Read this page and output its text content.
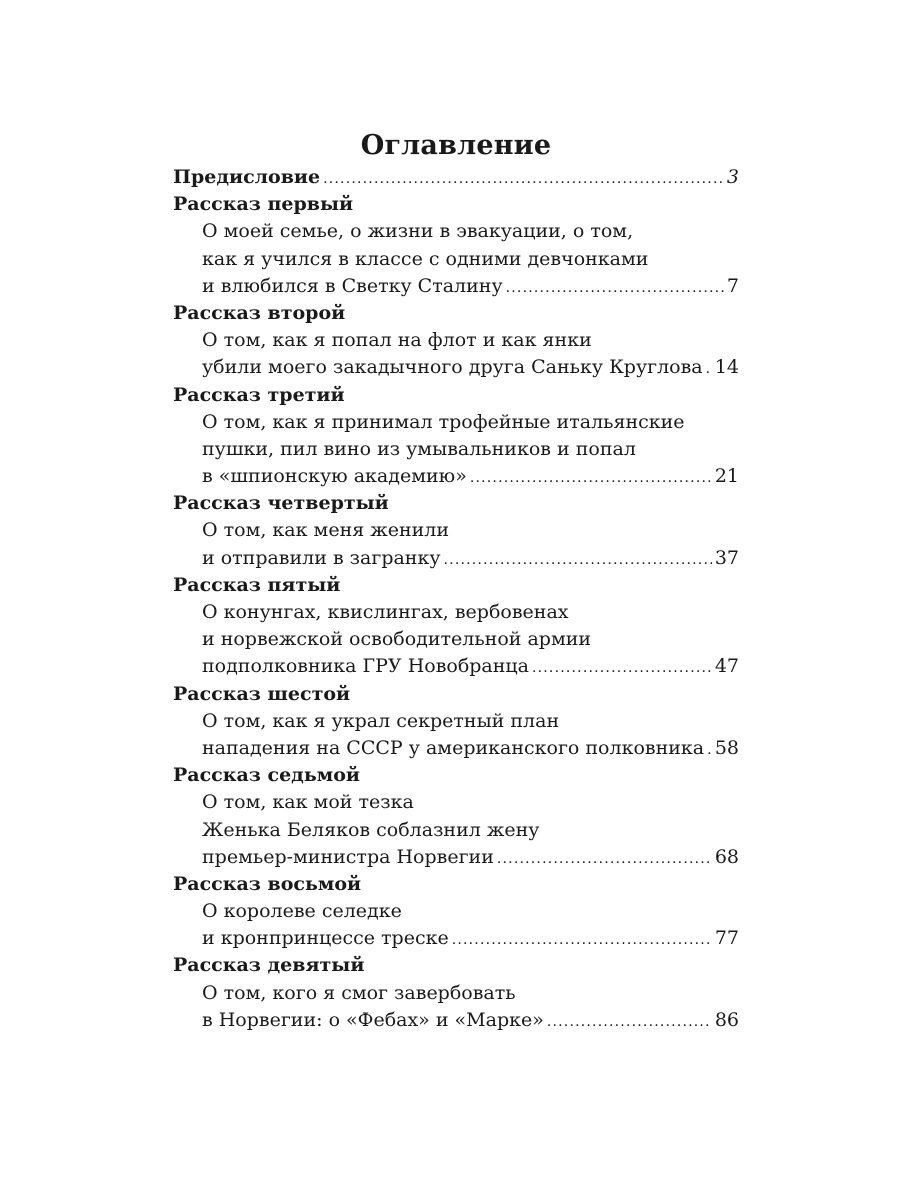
Оглавление
Предисловие .....	3
Рассказ первый
О моей семье, о жизни в эвакуации, о том,
как я учился в классе с одними девчонками
и влюбился в Светку Сталину .....	7
Рассказ второй
О том, как я попал на флот и как янки
убили моего закадычного друга Саньку Круглова ..... 14
Рассказ третий
О том, как я принимал трофейные итальянские
пушки, пил вино из умывальников и попал
в «шпионскую академию» .....	21
Рассказ четвертый
О том, как меня женили
и отправили в загранку .....	37
Рассказ пятый
О конунгах, квислингах, вербовенах
и норвежской освободительной армии
подполковника ГРУ Новобранца .....	47
Рассказ шестой
О том, как я украл секретный план
нападения на СССР у американского полковника ..... 58
Рассказ седьмой
О том, как мой тезка
Женька Беляков соблазнил жену
премьер-министра Норвегии .....	68
Рассказ восьмой
О королеве селедке
и кронпринцессе треске .....	77
Рассказ девятый
О том, кого я смог завербовать
в Норвегии: о «Фебах» и «Марке» .....	86
